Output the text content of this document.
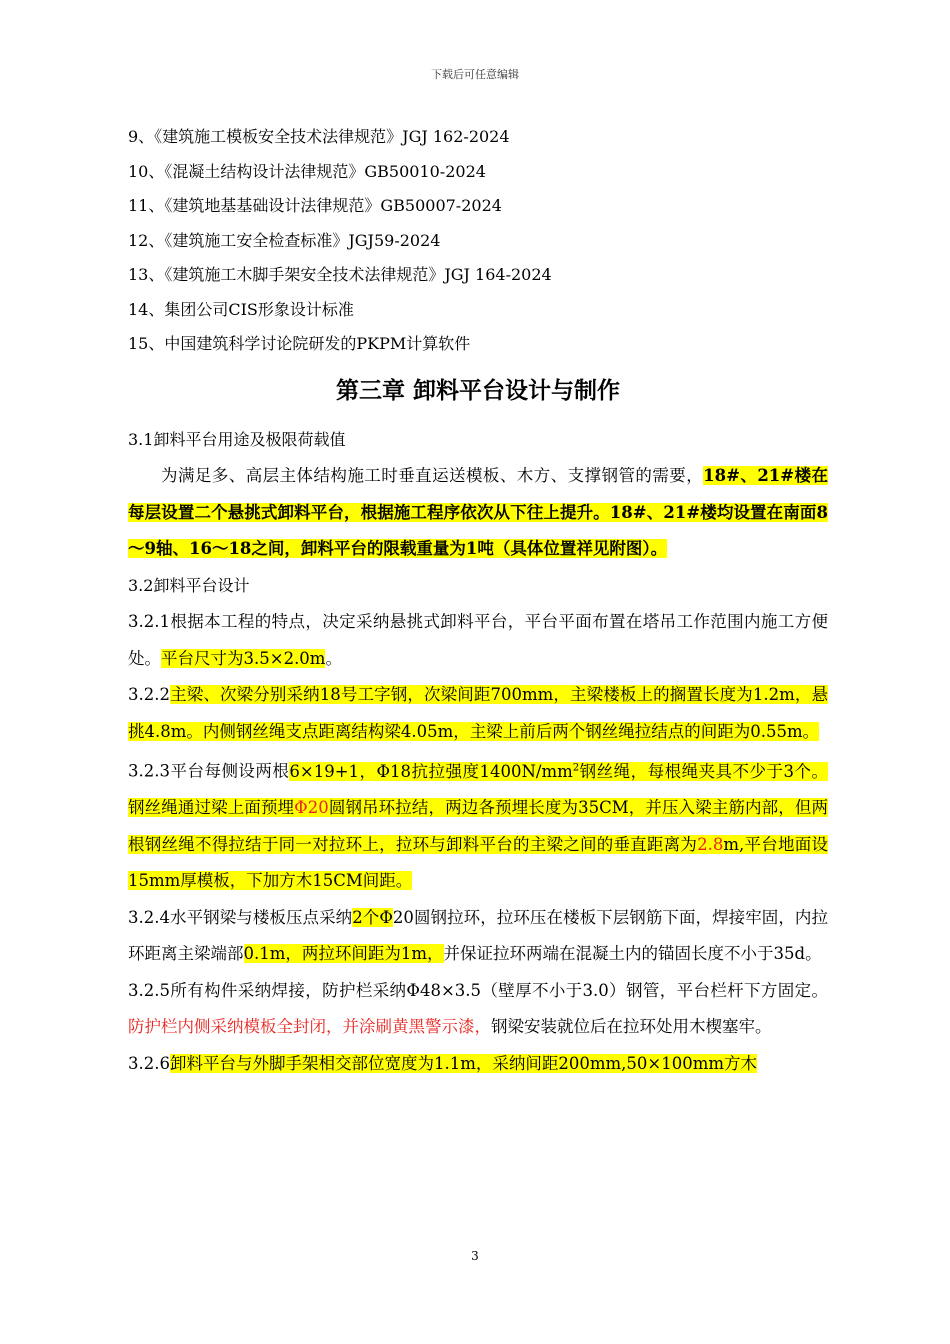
下载后可任意编辑
9、《建筑施工模板安全技术法律规范》JGJ 162-2024
10、《混凝土结构设计法律规范》GB50010-2024
11、《建筑地基基础设计法律规范》GB50007-2024
12、《建筑施工安全检查标准》JGJ59-2024
13、《建筑施工木脚手架安全技术法律规范》JGJ 164-2024
14、集团公司CIS形象设计标准
15、中国建筑科学讨论院研发的PKPM计算软件
第三章 卸料平台设计与制作
3.1卸料平台用途及极限荷载值

为满足多、高层主体结构施工时垂直运送模板、木方、支撑钢管的需要，18#、21#楼在每层设置二个悬挑式卸料平台，根据施工程序依次从下往上提升。18#、21#楼均设置在南面8～9轴、16～18之间，卸料平台的限载重量为1吨（具体位置祥见附图）。

3.2卸料平台设计

3.2.1根据本工程的特点，决定采纳悬挑式卸料平台，平台平面布置在塔吊工作范围内施工方便处。平台尺寸为3.5×2.0m。

3.2.2主梁、次梁分别采纳18号工字钢，次梁间距700mm，主梁楼板上的搁置长度为1.2m，悬挑4.8m。内侧钢丝绳支点距离结构梁4.05m，主梁上前后两个钢丝绳拉结点的间距为0.55m。

3.2.3平台每侧设两根6×19+1，Φ18抗拉强度$1400N/mm^2$钢丝绳，每根绳夹具不少于3个。钢丝绳通过梁上面预埋Φ20圆钢吊环拉结，两边各预埋长度为35CM，并压入梁主筋内部，但两根钢丝绳不得拉结于同一对拉环上，拉环与卸料平台的主梁之间的垂直距离为2.8m,平台地面设15mm厚模板，下加方木15CM间距。

3.2.4水平钢梁与楼板压点采纳2个Φ20圆钢拉环，拉环压在楼板下层钢筋下面，焊接牢固，内拉环距离主梁端部0.1m，两拉环间距为1m，并保证拉环两端在混凝土内的锚固长度不小于35d。

3.2.5所有构件采纳焊接，防护栏采纳Φ48×3.5（壁厚不小于3.0）钢管，平台栏杆下方固定。防护栏内侧采纳模板全封闭，并涂刷黄黑警示漆，钢梁安装就位后在拉环处用木楔塞牢。

3.2.6卸料平台与外脚手架相交部位宽度为1.1m，采纳间距200mm,50×100mm方木

3
